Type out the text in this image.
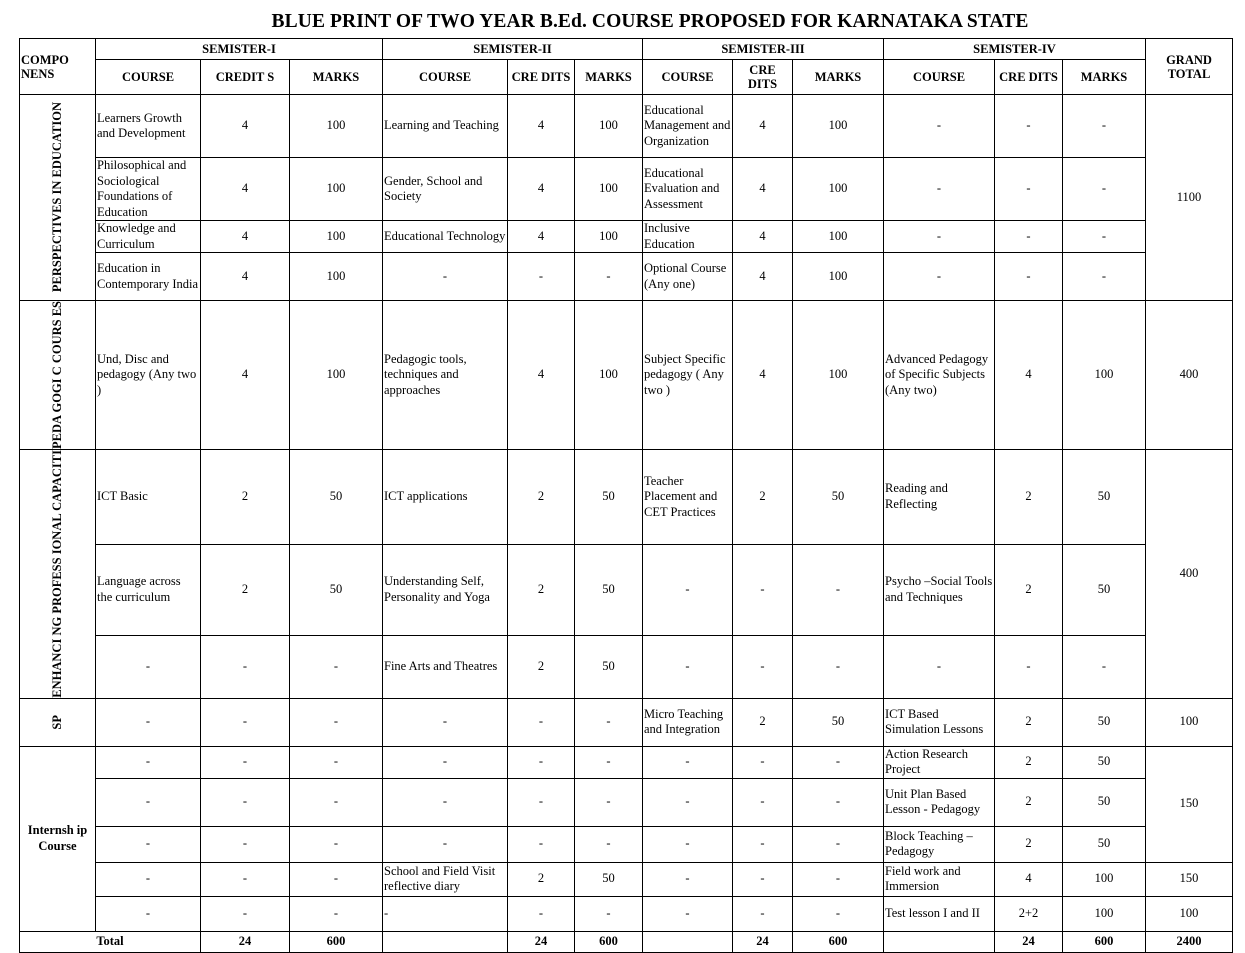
BLUE PRINT OF TWO YEAR B.Ed. COURSE PROPOSED FOR KARNATAKA STATE
COMPO NENS	SEMISTER-I			SEMISTER-II			SEMISTER-III			SEMISTER-IV			GRAND TOTAL
	COURSE	CREDIT S	MARKS	COURSE	CRE DITS	MARKS	COURSE	CRE DITS	MARKS	COURSE	CRE DITS	MARKS	

PERSPECTIVES IN EDUCATION	Learners Growth and Development	4	100	Learning and Teaching	4	100	Educational Management and Organization	4	100	-	-	-	1100
	Philosophical and Sociological Foundations of Education	4	100	Gender, School and Society	4	100	Educational Evaluation and Assessment	4	100	-	-	-	
	Knowledge and Curriculum	4	100	Educational Technology	4	100	Inclusive Education	4	100	-	-	-	
	Education in Contemporary India	4	100	-	-	-	Optional Course (Any one)	4	100	-	-	-	

PEDA GOGI C COURS ES	Und, Disc and pedagogy (Any two )	4	100	Pedagogic tools, techniques and approaches	4	100	Subject Specific pedagogy ( Any two )	4	100	Advanced Pedagogy of Specific Subjects (Any two)	4	100	400

ENHANCI NG PROFESS IONAL CAPACITI	ICT Basic	2	50	ICT applications	2	50	Teacher Placement and CET Practices	2	50	Reading and Reflecting	2	50	400
	Language across the curriculum	2	50	Understanding Self, Personality and Yoga	2	50	-	-	-	Psycho –Social Tools and Techniques	2	50	
	-	-	-	Fine Arts and Theatres	2	50	-	-	-	-	-	-	

SP	-	-	-	-	-	-	Micro Teaching and Integration	2	50	ICT Based Simulation Lessons	2	50	100
Internsh ip Course	-	-	-	-	-	-	-	-	-	Action Research Project	2	50	150
	-	-	-	-	-	-	-	-	-	Unit Plan Based Lesson - Pedagogy	2	50	
	-	-	-	-	-	-	-	-	-	Block Teaching – Pedagogy	2	50	
	-	-	-	School and Field Visit reflective diary	2	50	-	-	-	Field work and Immersion	4	100	150
	-	-	-	-	-	-	-	-	-	Test lesson I and II	2+2	100	100
Total		24	600		24	600		24	600		24	600	2400
